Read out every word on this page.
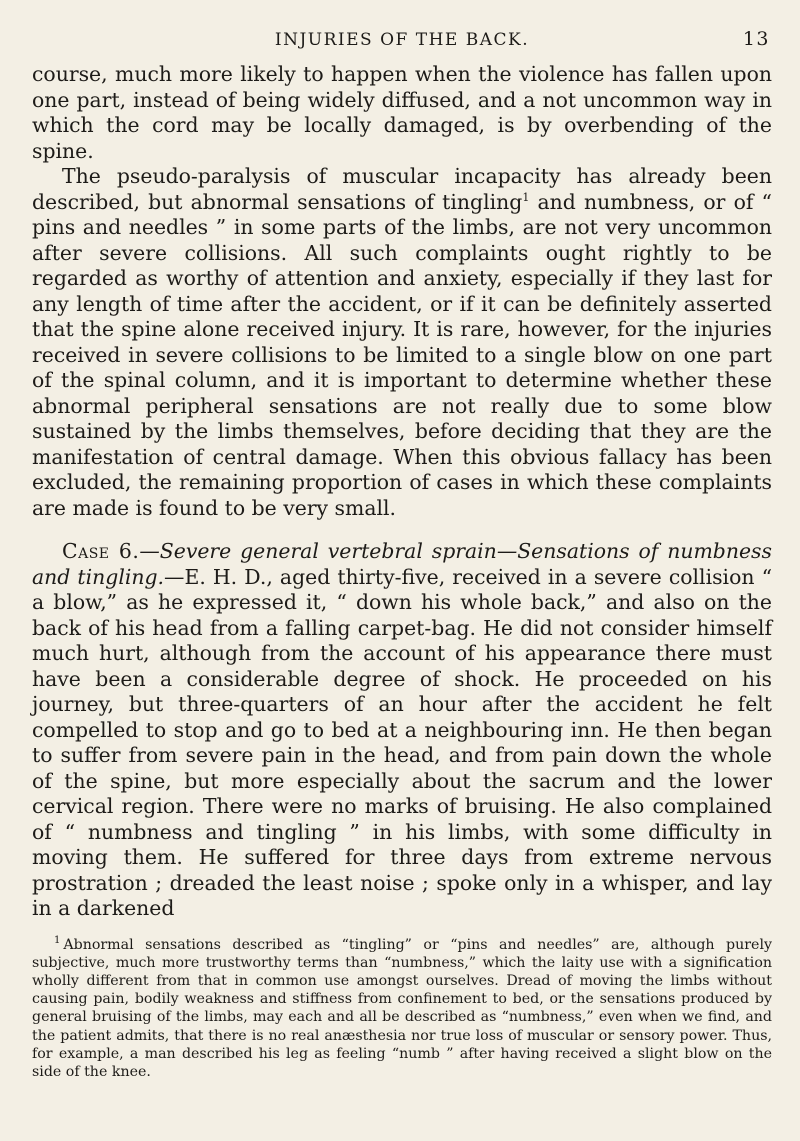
INJURIES OF THE BACK.	13

course, much more likely to happen when the violence has fallen upon one part, instead of being widely diffused, and a not uncommon way in which the cord may be locally damaged, is by overbending of the spine.

The pseudo-paralysis of muscular incapacity has already been described, but abnormal sensations of tingling$^1$ and numbness, or of “ pins and needles ” in some parts of the limbs, are not very uncommon after severe collisions. All such complaints ought rightly to be regarded as worthy of attention and anxiety, especially if they last for any length of time after the accident, or if it can be definitely asserted that the spine alone received injury. It is rare, however, for the injuries received in severe collisions to be limited to a single blow on one part of the spinal column, and it is important to determine whether these abnormal peripheral sensations are not really due to some blow sustained by the limbs themselves, before deciding that they are the manifestation of central damage. When this obvious fallacy has been excluded, the remaining proportion of cases in which these complaints are made is found to be very small.

Case 6.—Severe general vertebral sprain—Sensations of numbness and tingling.—E. H. D., aged thirty-five, received in a severe collision “ a blow,” as he expressed it, “ down his whole back,” and also on the back of his head from a falling carpet-bag. He did not consider himself much hurt, although from the account of his appearance there must have been a considerable degree of shock. He proceeded on his journey, but three-quarters of an hour after the accident he felt compelled to stop and go to bed at a neighbouring inn. He then began to suffer from severe pain in the head, and from pain down the whole of the spine, but more especially about the sacrum and the lower cervical region. There were no marks of bruising. He also complained of “ numbness and tingling ” in his limbs, with some difficulty in moving them. He suffered for three days from extreme nervous prostration ; dreaded the least noise ; spoke only in a whisper, and lay in a darkened

$^1$ Abnormal sensations described as “tingling” or “pins and needles” are, although purely subjective, much more trustworthy terms than “numbness,” which the laity use with a signification wholly different from that in common use amongst ourselves. Dread of moving the limbs without causing pain, bodily weakness and stiffness from confinement to bed, or the sensations produced by general bruising of the limbs, may each and all be described as “numbness,” even when we find, and the patient admits, that there is no real anæsthesia nor true loss of muscular or sensory power. Thus, for example, a man described his leg as feeling “numb ” after having received a slight blow on the side of the knee.
